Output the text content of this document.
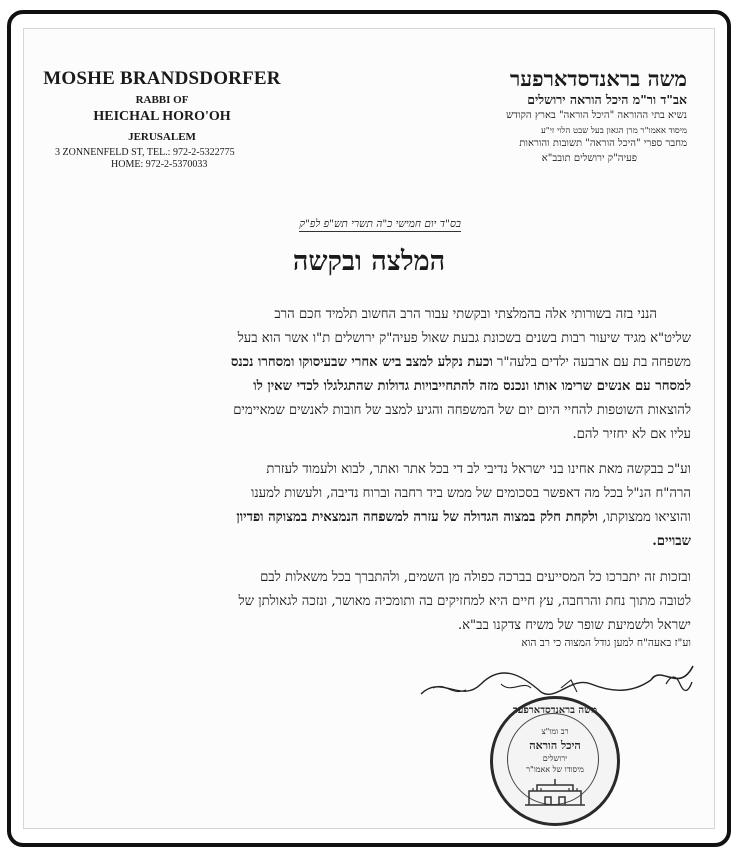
MOSHE BRANDSDORFER
RABBI OF
HEICHAL HORO'OH
JERUSALEM
3 ZONNENFELD ST, TEL.: 972-2-5322775
HOME: 972-2-5370033
משה בראנדסדארפער
אב"ד ור"מ היכל הוראה ירושלים
נשיא בתי ההוראה "היכל הוראה" בארץ הקודש
מיסוד אאמו"ר מרן הגאון בעל שבט הלוי זי"ע
מחבר ספרי "היכל הוראה" תשובות והוראות
פעיה"ק ירושלים תובב"א
בס"ד יום חמישי כ"ה תשרי תש"פ לפ"ק
המלצה ובקשה
הנני בזה בשורותי אלה בהמלצתי ובקשתי עבור הרב החשוב תלמיד חכם הרב
שליט"א מגיד שיעור רבות בשנים בשכונת גבעת שאול פעיה"ק ירושלים ת"ו אשר הוא בעל
משפחה בת עם ארבעה ילדים בלעה"ר וכעת נקלע למצב ביש אחרי שבעיסוקו ומסחרו נכנס
למסחר עם אנשים שרימו אותו ונכנס מזה להתחייבויות גדולות שהתגלגלו לכדי שאין לו
להוצאות השוטפות להחיי היום יום של המשפחה והגיע למצב של חובות לאנשים שמאיימים
עליו אם לא יחזיר להם.
וע"כ בבקשה מאת אחינו בני ישראל נדיבי לב די בכל אתר ואתר, לבוא ולעמוד לעזרת
הרה"ח הנ"ל בכל מה דאפשר בסכומים של ממש ביד רחבה וברוח נדיבה, ולעשות למענו
והוציאו ממצוקתו, ולקחת חלק במצוה הגדולה של עזרה למשפחה הנמצאית במצוקה ופדיון
שבויים.
ובזכות זה יתברכו כל המסייעים בברכה כפולה מן השמים, ולהתברך בכל משאלות לבם
לטובה מתוך נחת והרחבה, עץ חיים היא למחזיקים בה ותומכיה מאושר, ונזכה לגאולתן של
ישראל ולשמיעת שופר של משיח צדקנו בב"א.
וע"ז באעה"ח למען גודל המצוה כי רב הוא
משה בראנדסדארפער
רב ומו"צ
היכל הוראה
ירושלים
מיסודו של אאמו"ר
